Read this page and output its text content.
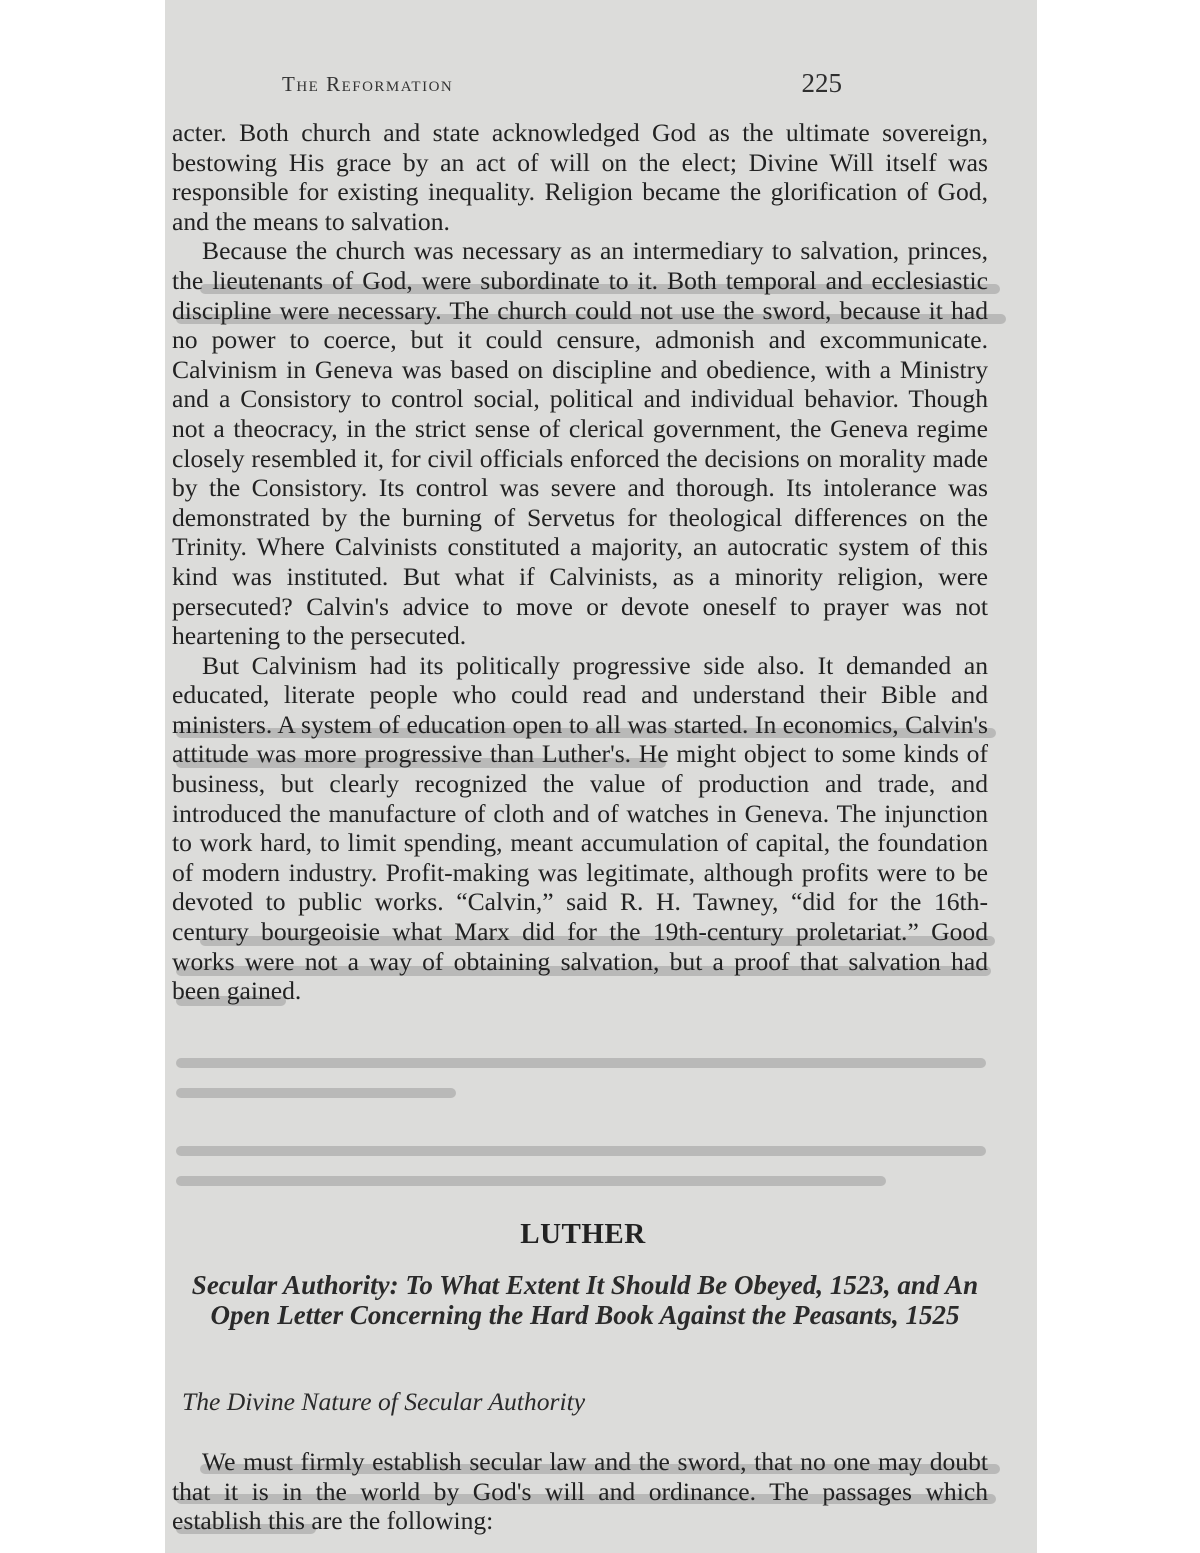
The Reformation	225

acter. Both church and state acknowledged God as the ultimate sovereign, bestowing His grace by an act of will on the elect; Divine Will itself was responsible for existing inequality. Religion became the glorification of God, and the means to salvation.

Because the church was necessary as an intermediary to salvation, princes, the lieutenants of God, were subordinate to it. Both temporal and ecclesiastic discipline were necessary. The church could not use the sword, because it had no power to coerce, but it could censure, admonish and excommunicate. Calvinism in Geneva was based on discipline and obedience, with a Ministry and a Consistory to control social, political and individual behavior. Though not a theocracy, in the strict sense of clerical government, the Geneva regime closely resembled it, for civil officials enforced the decisions on morality made by the Consistory. Its control was severe and thorough. Its intolerance was demonstrated by the burning of Servetus for theological differences on the Trinity. Where Calvinists constituted a majority, an autocratic system of this kind was instituted. But what if Calvinists, as a minority religion, were persecuted? Calvin's advice to move or devote oneself to prayer was not heartening to the persecuted.

But Calvinism had its politically progressive side also. It demanded an educated, literate people who could read and understand their Bible and ministers. A system of education open to all was started. In economics, Calvin's attitude was more progressive than Luther's. He might object to some kinds of business, but clearly recognized the value of production and trade, and introduced the manufacture of cloth and of watches in Geneva. The injunction to work hard, to limit spending, meant accumulation of capital, the foundation of modern industry. Profit-making was legitimate, although profits were to be devoted to public works. “Calvin,” said R. H. Tawney, “did for the 16th-century bourgeoisie what Marx did for the 19th-century proletariat.” Good works were not a way of obtaining salvation, but a proof that salvation had been gained.

LUTHER
Secular Authority: To What Extent It Should Be Obeyed, 1523, and An Open Letter Concerning the Hard Book Against the Peasants, 1525
The Divine Nature of Secular Authority

We must firmly establish secular law and the sword, that no one may doubt that it is in the world by God's will and ordinance. The passages which establish this are the following:
